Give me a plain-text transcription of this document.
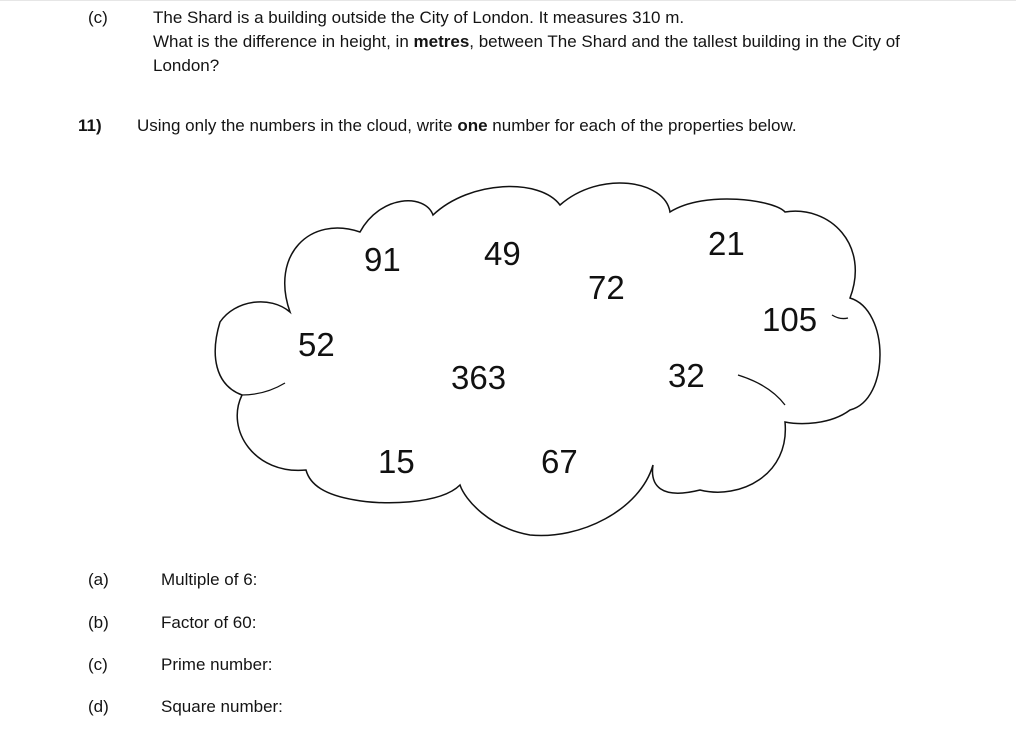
(c)	The Shard is a building outside the City of London. It measures 310 m.
What is the difference in height, in metres, between The Shard and the tallest building in the City of
London?
11) Using only the numbers in the cloud, write one number for each of the properties below.
91	49	21
72
105
52
363	32
15	67
(a)	Multiple of 6:
(b)	Factor of 60:
(c)	Prime number:
(d)	Square number:
